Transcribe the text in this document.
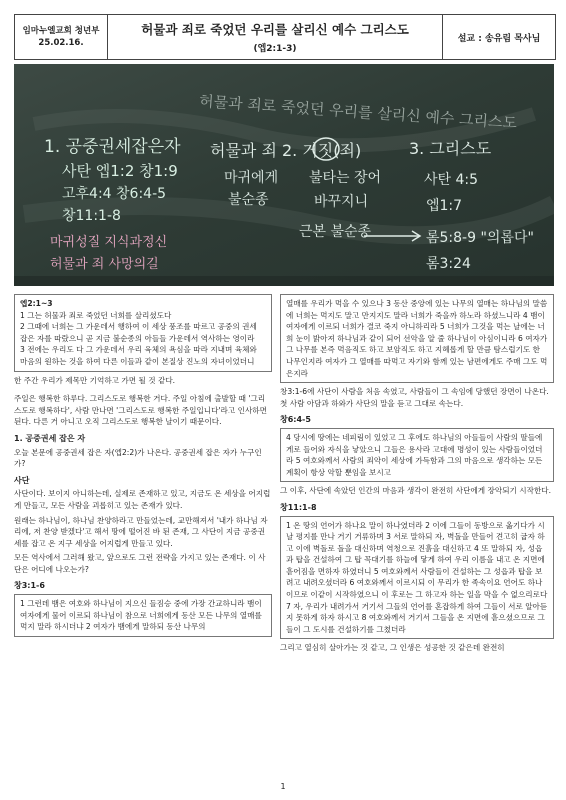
임마누엘교회 청년부
25.02.16.
허물과 죄로 죽었던 우리를 살리신 예수 그리스도
(엡2:1-3)
설교 : 송유림 목사님
허물과 죄로 죽었던 우리를 살리신 예수 그리스도
1. 공중권세잡은자
사탄 엡1:2 창1:9
고후4:4 창6:4-5
창11:1-8
마귀성질 지식과정신
허물과 죄 사망의길
허물과 죄 2. 거짓(죄)
마귀에게
불순종
불타는 장어
바꾸지니
근본 불순종
3. 그리스도
사탄 4:5
엡1:7
롬5:8-9 "의롭다"
롬3:24
엡2:1~3
1 그는 허물과 죄로 죽었던 너희를 살리셨도다
2 그때에 너희는 그 가운데서 행하여 이 세상 풍조를 따르고 공중의 권세 잡은 자를 따랐으니 곧 지금 불순종의 아들들 가운데서 역사하는 영이라
3 전에는 우리도 다 그 가운데서 우리 육체의 욕심을 따라 지내며 육체와 마음의 원하는 것을 하여 다른 이들과 같이 본질상 진노의 자녀이었더니

한 주간 우리가 제목만 기억하고 가면 될 것 같다.

주일은 행복한 하루다. 그리스도로 행복한 거다. 주일 아침에 출발할 때 '그리스도로 행복하다', 사람 만나면 '그리스도로 행복한 주일입니다'라고 인사하면 된다. 다른 거 아니고 오직 그리스도로 행복한 날이기 때문이다.

1. 공중권세 잡은 자

오늘 본문에 공중권세 잡은 자(엡2:2)가 나온다. 공중권세 잡은 자가 누구인가?

사단

사단이다. 보이지 아니하는데, 실제로 존재하고 있고, 지금도 온 세상을 어지럽게 만들고, 모든 사람을 괴롭히고 있는 존재가 있다.

원래는 하나님이, 하나님 찬양하라고 만들었는데, 교만해져서 '내가 하나님 자리에, 저 찬양 받겠다'고 해서 땅에 떨어진 바 된 존재, 그 사단이 지금 공중권세를 잡고 온 지구 세상을 어지럽게 만들고 있다.

모든 역사에서 그러해 왔고, 앞으로도 그런 전략을 가지고 있는 존재다. 이 사단은 어디에 나오는가?

창3:1-6
1 그런데 뱀은 여호와 하나님이 지으신 들짐승 중에 가장 간교하니라 뱀이 여자에게 물어 이르되 하나님이 참으로 너희에게 동산 모든 나무의 열매를 먹지 말라 하시더냐 2 여자가 뱀에게 말하되 동산 나무의
열매를 우리가 먹을 수 있으나 3 동산 중앙에 있는 나무의 열매는 하나님의 말씀에 너희는 먹지도 말고 만지지도 말라 너희가 죽을까 하노라 하셨느니라 4 뱀이 여자에게 이르되 너희가 결코 죽지 아니하리라 5 너희가 그것을 먹는 날에는 너희 눈이 밝아져 하나님과 같이 되어 선악을 알 줄 하나님이 아심이니라 6 여자가 그 나무를 본즉 먹음직도 하고 보암직도 하고 지혜롭게 할 만큼 탐스럽기도 한 나무인지라 여자가 그 열매를 따먹고 자기와 함께 있는 남편에게도 주매 그도 먹은지라

창3:1-6에 사단이 사람을 처음 속였고, 사람들이 그 속임에 당했던 장면이 나온다. 첫 사람 아담과 하와가 사단의 말을 듣고 그대로 속는다.

창6:4-5
4 당시에 땅에는 네피림이 있었고 그 후에도 하나님의 아들들이 사람의 딸들에게로 들어와 자식을 낳았으니 그들은 용사라 고대에 명성이 있는 사람들이었더라 5 여호와께서 사람의 죄악이 세상에 가득함과 그의 마음으로 생각하는 모든 계획이 항상 악할 뿐임을 보시고

그 이후, 사단에 속았던 인간의 마음과 생각이 완전히 사단에게 장악되기 시작한다.

창11:1-8
1 온 땅의 언어가 하나요 말이 하나였더라 2 이에 그들이 동방으로 옮기다가 시날 평지를 만나 거기 거류하며 3 서로 말하되 자, 벽돌을 만들어 견고히 굽자 하고 이에 벽돌로 돌을 대신하며 역청으로 진흙을 대신하고 4 또 말하되 자, 성읍과 탑을 건설하여 그 탑 꼭대기를 하늘에 닿게 하여 우리 이름을 내고 온 지면에 흩어짐을 면하자 하였더니 5 여호와께서 사람들이 건설하는 그 성읍과 탑을 보려고 내려오셨더라 6 여호와께서 이르시되 이 무리가 한 족속이요 언어도 하나이므로 이같이 시작하였으니 이 후로는 그 하고자 하는 일을 막을 수 없으리로다 7 자, 우리가 내려가서 거기서 그들의 언어를 혼잡하게 하여 그들이 서로 알아듣지 못하게 하자 하시고 8 여호와께서 거기서 그들을 온 지면에 흩으셨으므로 그들이 그 도시를 건설하기를 그쳤더라

그리고 열심히 살아가는 것 같고, 그 인생은 성공한 것 같은데 완전히

1
